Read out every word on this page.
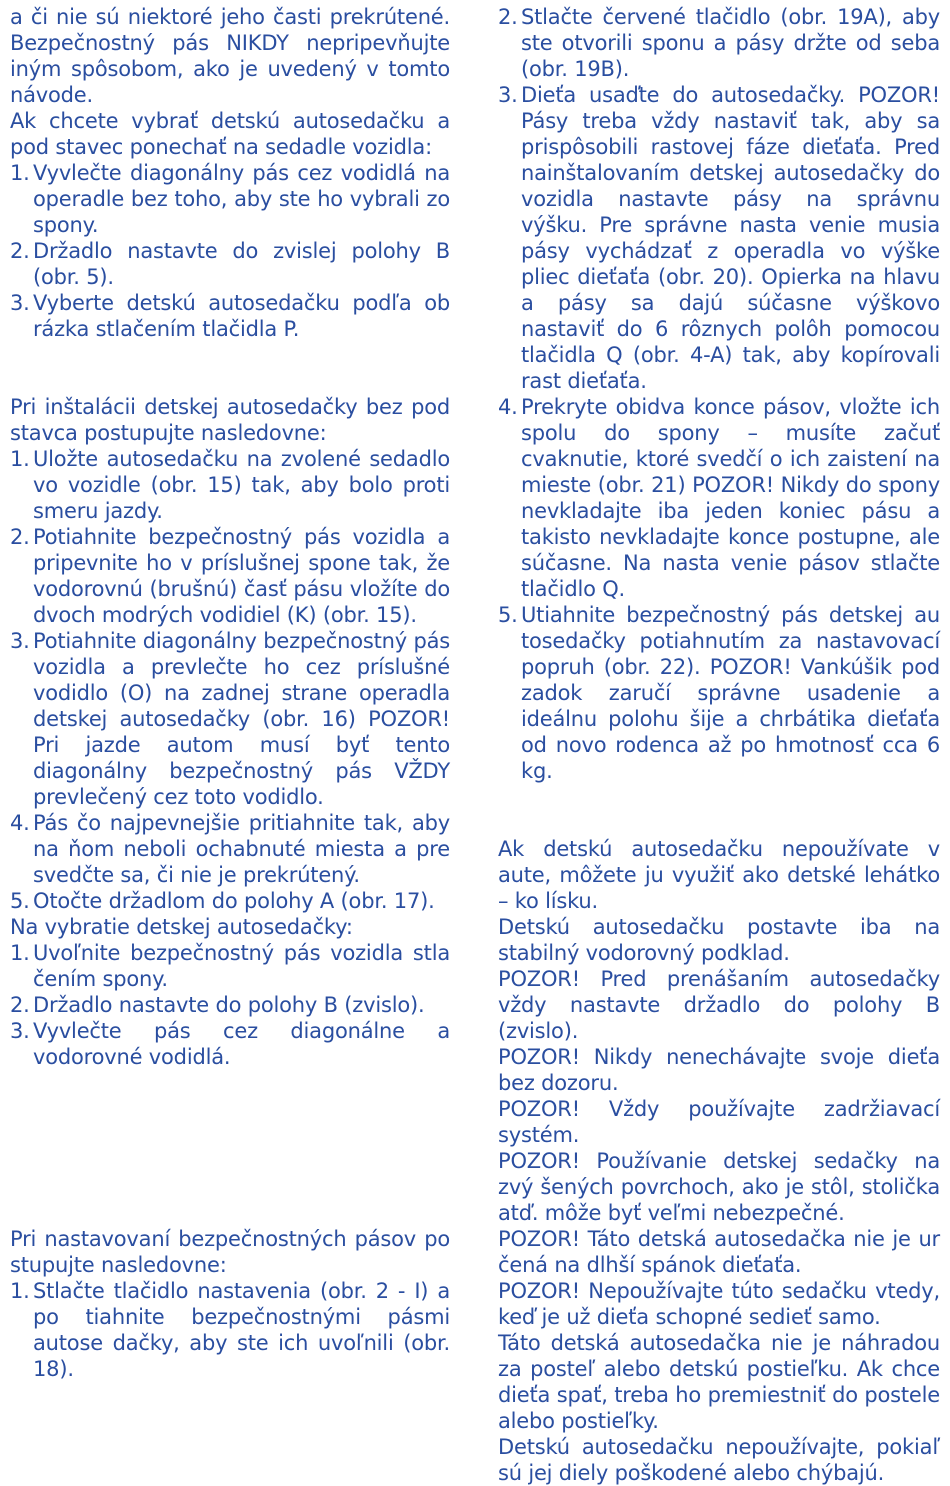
a či nie sú niektoré jeho časti prekrútené. Bezpečnostný pás NIKDY nepripevňujte iným spôsobom, ako je uvedený v tomto návode.

Ak chcete vybrať detskú autosedačku a pod stavec ponechať na sedadle vozidla:

1. Vyvlečte diagonálny pás cez vodidlá na operadle bez toho, aby ste ho vybrali zo spony.
2. Držadlo nastavte do zvislej polohy B (obr. 5).
3. Vyberte detskú autosedačku podľa ob rázka stlačením tlačidla P.

Pri inštalácii detskej autosedačky bez pod stavca postupujte nasledovne:

1. Uložte autosedačku na zvolené sedadlo vo vozidle (obr. 15) tak, aby bolo proti smeru jazdy.
2. Potiahnite bezpečnostný pás vozidla a pripevnite ho v príslušnej spone tak, že vodorovnú (brušnú) časť pásu vložíte do dvoch modrých vodidiel (K) (obr. 15).
3. Potiahnite diagonálny bezpečnostný pás vozidla a prevlečte ho cez príslušné vodidlo (O) na zadnej strane operadla detskej autosedačky (obr. 16) POZOR! Pri jazde autom musí byť tento diagonálny bezpečnostný pás VŽDY prevlečený cez toto vodidlo.
4. Pás čo najpevnejšie pritiahnite tak, aby na ňom neboli ochabnuté miesta a pre svedčte sa, či nie je prekrútený.
5. Otočte držadlom do polohy A (obr. 17).

Na vybratie detskej autosedačky:

1. Uvoľnite bezpečnostný pás vozidla stla čením spony.
2. Držadlo nastavte do polohy B (zvislo).
3. Vyvlečte pás cez diagonálne a vodorovné vodidlá.

Pri nastavovaní bezpečnostných pásov po stupujte nasledovne:

1. Stlačte tlačidlo nastavenia (obr. 2 - I) a po tiahnite bezpečnostnými pásmi autose dačky, aby ste ich uvoľnili (obr. 18).
2. Stlačte červené tlačidlo (obr. 19A), aby ste otvorili sponu a pásy držte od seba (obr. 19B).
3. Dieťa usaďte do autosedačky. POZOR! Pásy treba vždy nastaviť tak, aby sa prispôsobili rastovej fáze dieťaťa. Pred nainštalovaním detskej autosedačky do vozidla nastavte pásy na správnu výšku. Pre správne nasta venie musia pásy vychádzať z operadla vo výške pliec dieťaťa (obr. 20). Opierka na hlavu a pásy sa dajú súčasne výškovo nastaviť do 6 rôznych polôh pomocou tlačidla Q (obr. 4-A) tak, aby kopírovali rast dieťaťa.
4. Prekryte obidva konce pásov, vložte ich spolu do spony – musíte začuť cvaknutie, ktoré svedčí o ich zaistení na mieste (obr. 21) POZOR! Nikdy do spony nevkladajte iba jeden koniec pásu a takisto nevkladajte konce postupne, ale súčasne. Na nasta venie pásov stlačte tlačidlo Q.
5. Utiahnite bezpečnostný pás detskej au tosedačky potiahnutím za nastavovací popruh (obr. 22). POZOR! Vankúšik pod zadok zaručí správne usadenie a ideálnu polohu šije a chrbátika dieťaťa od novo rodenca až po hmotnosť cca 6 kg.

Ak detskú autosedačku nepoužívate v aute, môžete ju využiť ako detské lehátko – ko lísku.

Detskú autosedačku postavte iba na stabilný vodorovný podklad.

POZOR! Pred prenášaním autosedačky vždy nastavte držadlo do polohy B (zvislo).

POZOR! Nikdy nenechávajte svoje dieťa bez dozoru.

POZOR! Vždy používajte zadržiavací systém.

POZOR! Používanie detskej sedačky na zvý šených povrchoch, ako je stôl, stolička atď. môže byť veľmi nebezpečné.

POZOR! Táto detská autosedačka nie je ur čená na dlhší spánok dieťaťa.

POZOR! Nepoužívajte túto sedačku vtedy, keď je už dieťa schopné sedieť samo.

Táto detská autosedačka nie je náhradou za posteľ alebo detskú postieľku. Ak chce dieťa spať, treba ho premiestniť do postele alebo postieľky.

Detskú autosedačku nepoužívajte, pokiaľ sú jej diely poškodené alebo chýbajú.
